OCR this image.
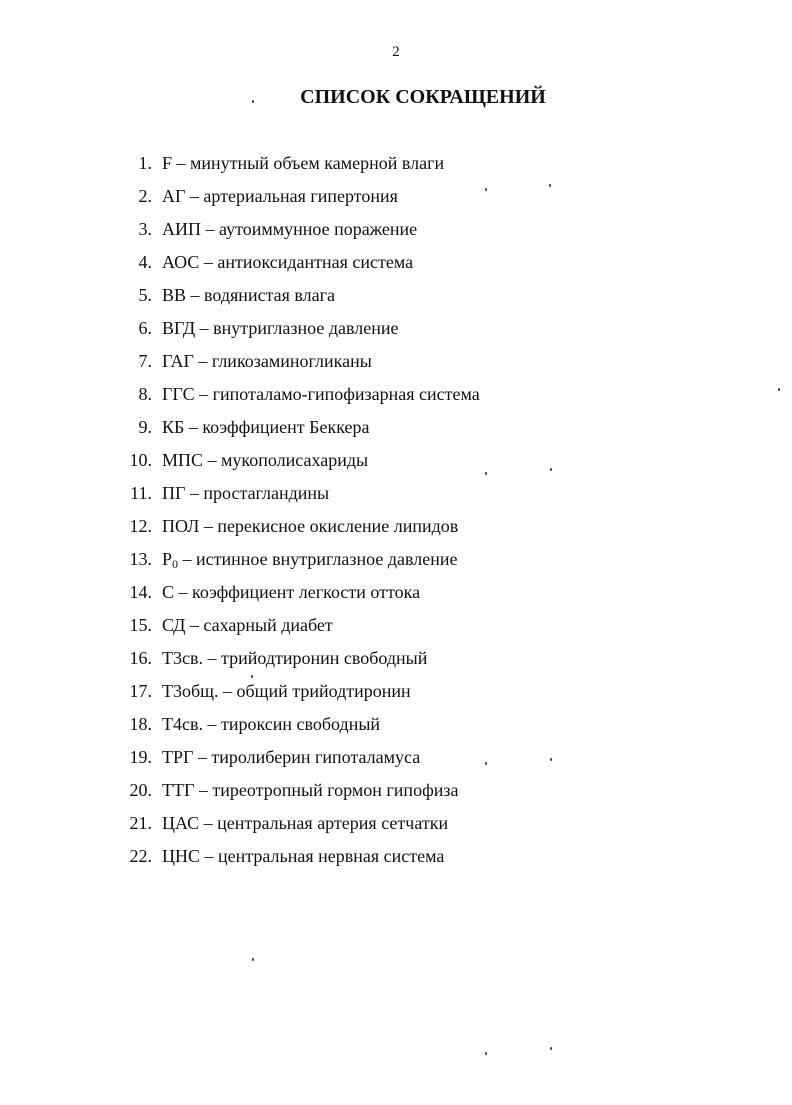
2
СПИСОК СОКРАЩЕНИЙ
1. F – минутный объем камерной влаги
2. АГ – артериальная гипертония
3. АИП – аутоиммунное поражение
4. АОС – антиоксидантная система
5. ВВ – водянистая влага
6. ВГД – внутриглазное давление
7. ГАГ – гликозаминогликаны
8. ГГС – гипоталамо-гипофизарная система
9. КБ – коэффициент Беккера
10. МПС – мукополисахариды
11. ПГ – простагландины
12. ПОЛ – перекисное окисление липидов
13. $P_0$ – истинное внутриглазное давление
14. С – коэффициент легкости оттока
15. СД – сахарный диабет
16. Т3св. – трийодтиронин свободный
17. Т3общ. – общий трийодтиронин
18. Т4св. – тироксин свободный
19. ТРГ – тиролиберин гипоталамуса
20. ТТГ – тиреотропный гормон гипофиза
21. ЦАС – центральная артерия сетчатки
22. ЦНС – центральная нервная система
